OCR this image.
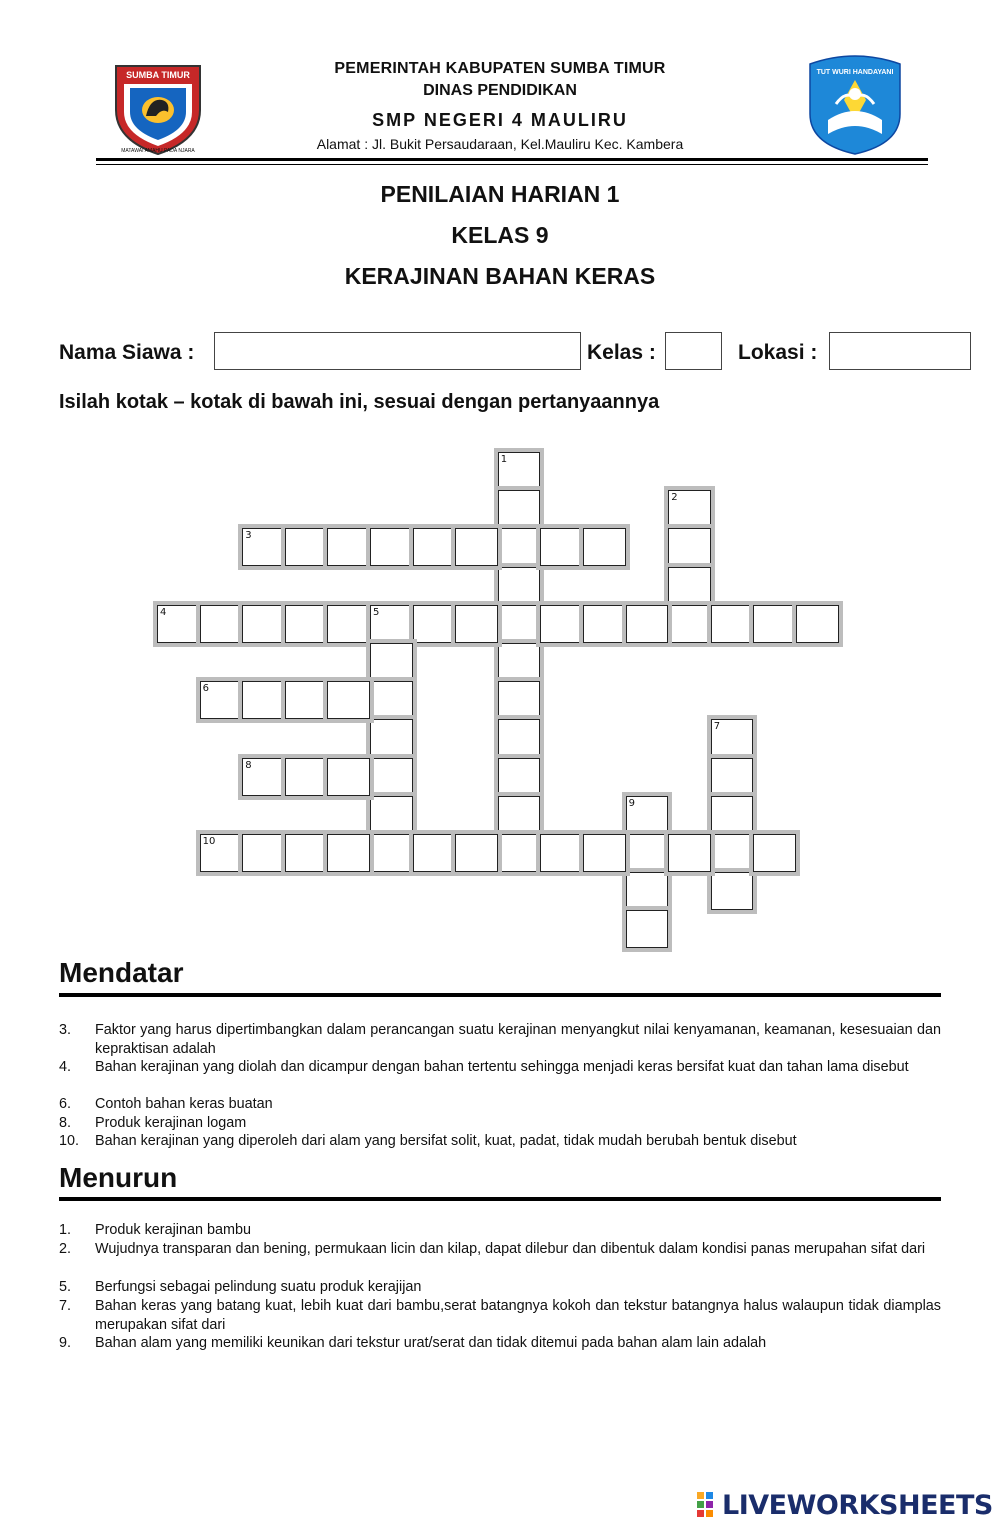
SUMBA TIMUR
MATAWAI AMAHU PADA NJARA
PEMERINTAH KABUPATEN SUMBA TIMUR
DINAS PENDIDIKAN
SMP NEGERI 4 MAULIRU
Alamat : Jl. Bukit Persaudaraan, Kel.Mauliru Kec. Kambera
TUT WURI HANDAYANI
PENILAIAN HARIAN 1
KELAS 9
KERAJINAN BAHAN KERAS
Nama Siawa :	Kelas :	Lokasi :
Isilah kotak – kotak di bawah ini, sesuai dengan pertanyaannya
1
2
3
4	5
6
7
8
9
10
Mendatar
3.	Faktor yang harus dipertimbangkan dalam perancangan suatu kerajinan menyangkut nilai kenyamanan, keamanan, kesesuaian dan kepraktisan adalah
4.	Bahan kerajinan yang diolah dan dicampur dengan bahan tertentu sehingga menjadi keras bersifat kuat dan tahan lama disebut
6.	Contoh bahan keras buatan
8.	Produk kerajinan logam
10.	Bahan kerajinan yang diperoleh dari alam yang bersifat solit, kuat, padat, tidak mudah berubah bentuk disebut
Menurun
1.	Produk kerajinan bambu
2.	Wujudnya transparan dan bening, permukaan licin dan kilap, dapat dilebur dan dibentuk dalam kondisi panas merupahan sifat dari
5.	Berfungsi sebagai pelindung suatu produk kerajijan
7.	Bahan keras yang batang kuat, lebih kuat dari bambu,serat batangnya kokoh dan tekstur batangnya halus walaupun tidak diamplas merupakan sifat dari
9.	Bahan alam yang memiliki keunikan dari tekstur urat/serat dan tidak ditemui pada bahan alam lain adalah
LIVEWORKSHEETS
